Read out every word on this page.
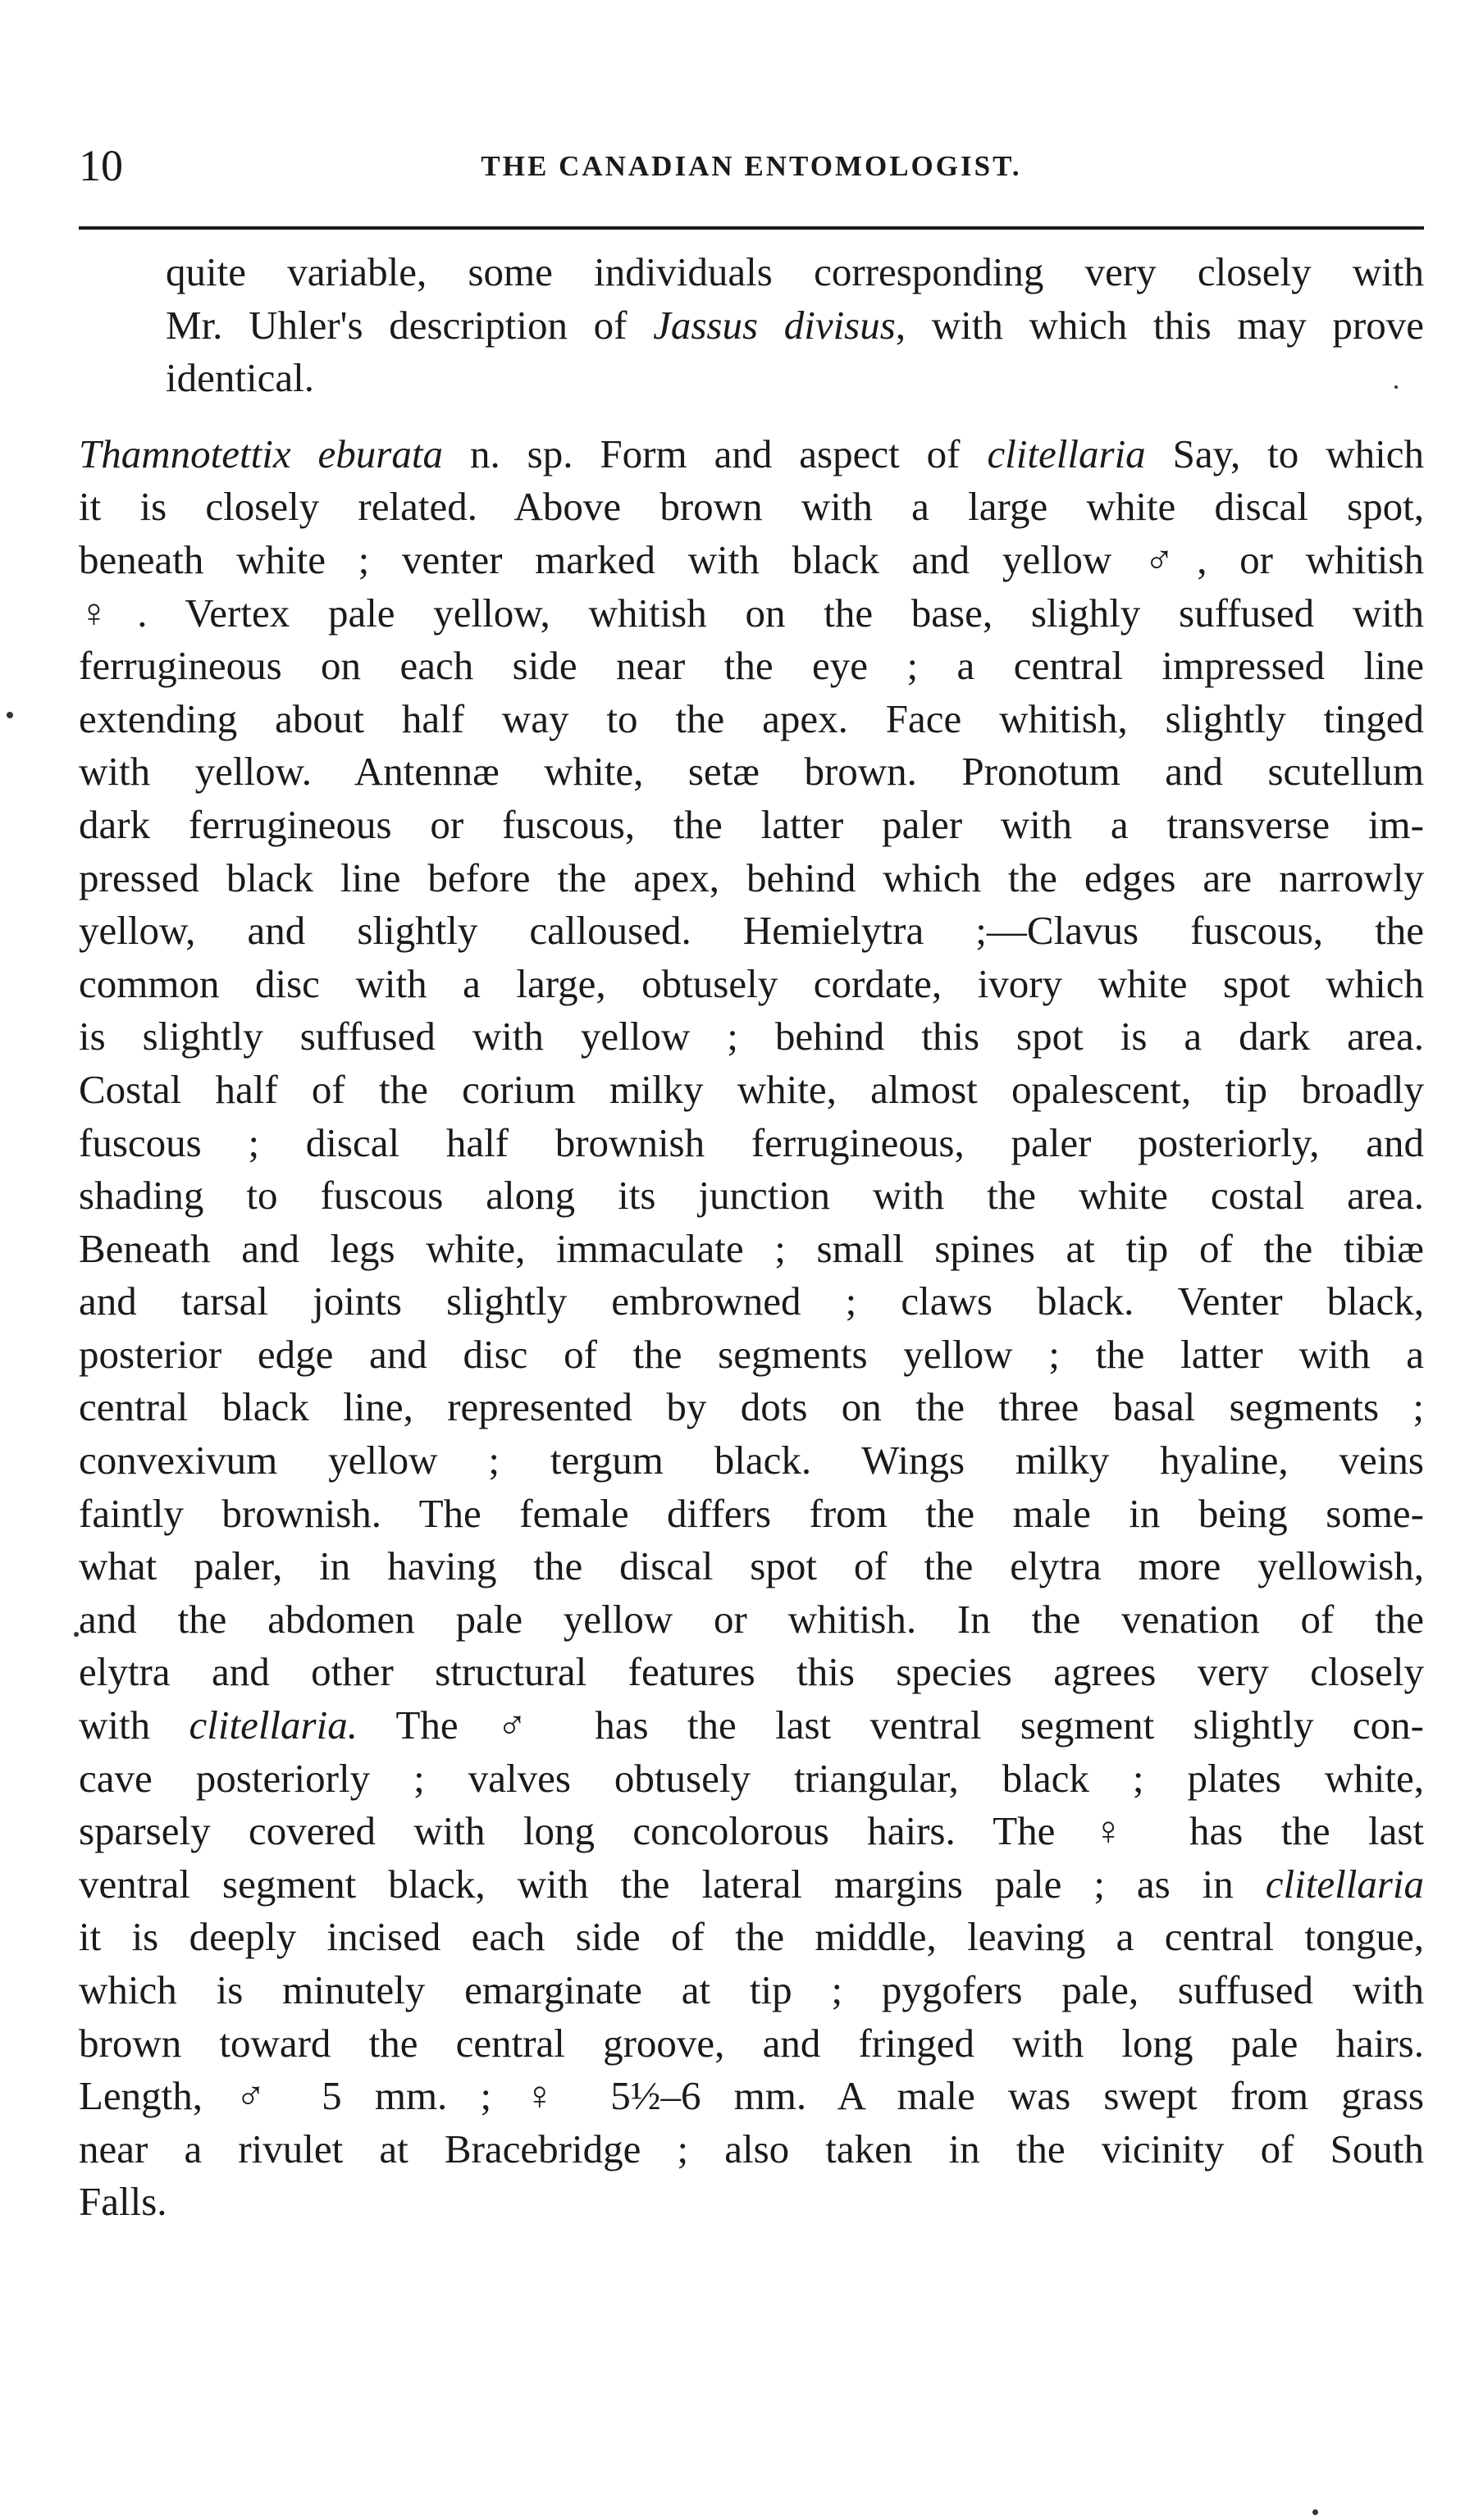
10	THE CANADIAN ENTOMOLOGIST.

quite variable, some individuals corresponding very closely with
Mr. Uhler's description of Jassus divisus, with which this may prove
identical.

Thamnotettix eburata n. sp. Form and aspect of clitellaria Say, to which
it is closely related. Above brown with a large white discal spot,
beneath white ; venter marked with black and yellow ♂, or whitish
♀. Vertex pale yellow, whitish on the base, slighly suffused with
ferrugineous on each side near the eye ; a central impressed line
extending about half way to the apex. Face whitish, slightly tinged
with yellow. Antennæ white, setæ brown. Pronotum and scutellum
dark ferrugineous or fuscous, the latter paler with a transverse im-
pressed black line before the apex, behind which the edges are narrowly
yellow, and slightly calloused. Hemielytra ;—Clavus fuscous, the
common disc with a large, obtusely cordate, ivory white spot which
is slightly suffused with yellow ; behind this spot is a dark area.
Costal half of the corium milky white, almost opalescent, tip broadly
fuscous ; discal half brownish ferrugineous, paler posteriorly, and
shading to fuscous along its junction with the white costal area.
Beneath and legs white, immaculate ; small spines at tip of the tibiæ
and tarsal joints slightly embrowned ; claws black. Venter black,
posterior edge and disc of the segments yellow ; the latter with a
central black line, represented by dots on the three basal segments ;
convexivum yellow ; tergum black. Wings milky hyaline, veins
faintly brownish. The female differs from the male in being some-
what paler, in having the discal spot of the elytra more yellowish,
and the abdomen pale yellow or whitish. In the venation of the
elytra and other structural features this species agrees very closely
with clitellaria. The ♂ has the last ventral segment slightly con-
cave posteriorly ; valves obtusely triangular, black ; plates white,
sparsely covered with long concolorous hairs. The ♀ has the last
ventral segment black, with the lateral margins pale ; as in clitellaria
it is deeply incised each side of the middle, leaving a central tongue,
which is minutely emarginate at tip ; pygofers pale, suffused with
brown toward the central groove, and fringed with long pale hairs.
Length, ♂ 5 mm. ; ♀ 5½–6 mm. A male was swept from grass
near a rivulet at Bracebridge ; also taken in the vicinity of South
Falls.
